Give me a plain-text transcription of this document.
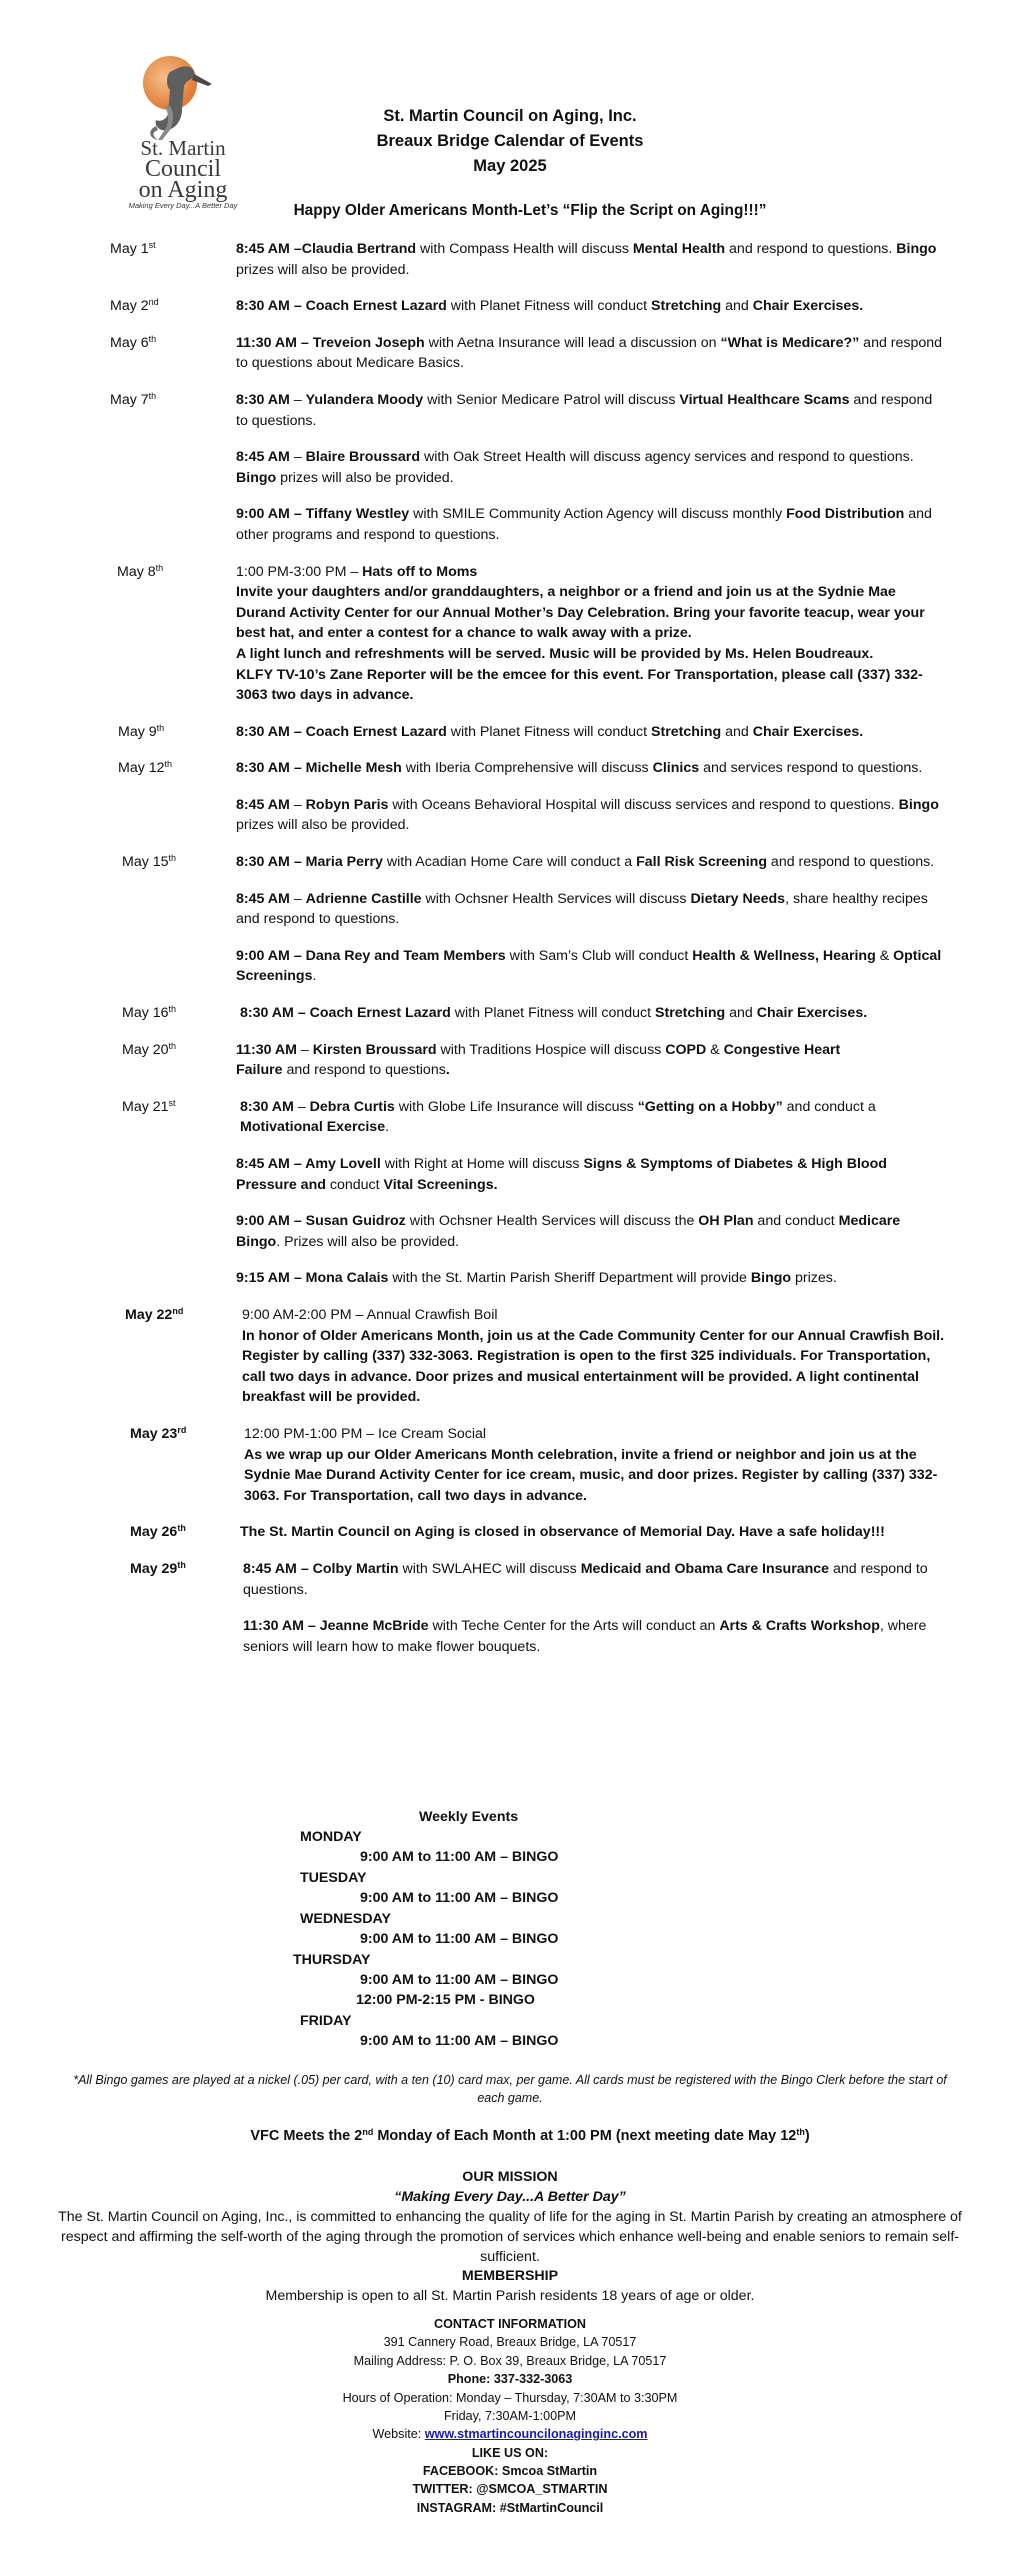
St. Martin
Council
on Aging
Making Every Day...A Better Day
St. Martin Council on Aging, Inc.
Breaux Bridge Calendar of Events
May 2025
Happy Older Americans Month-Let’s “Flip the Script on Aging!!!”
May 1st	8:45 AM –Claudia Bertrand with Compass Health will discuss Mental Health and respond to questions. Bingo prizes will also be provided.

May 2nd	8:30 AM – Coach Ernest Lazard with Planet Fitness will conduct Stretching and Chair Exercises.

May 6th	11:30 AM – Treveion Joseph with Aetna Insurance will lead a discussion on “What is Medicare?” and respond to questions about Medicare Basics.

May 7th	8:30 AM – Yulandera Moody with Senior Medicare Patrol will discuss Virtual Healthcare Scams and respond to questions.

8:45 AM – Blaire Broussard with Oak Street Health will discuss agency services and respond to questions. Bingo prizes will also be provided.

9:00 AM – Tiffany Westley with SMILE Community Action Agency will discuss monthly Food Distribution and other programs and respond to questions.

May 8th	1:00 PM-3:00 PM – Hats off to Moms
Invite your daughters and/or granddaughters, a neighbor or a friend and join us at the Sydnie Mae Durand Activity Center for our Annual Mother’s Day Celebration. Bring your favorite teacup, wear your best hat, and enter a contest for a chance to walk away with a prize.
A light lunch and refreshments will be served. Music will be provided by Ms. Helen Boudreaux.
KLFY TV-10’s Zane Reporter will be the emcee for this event. For Transportation, please call (337) 332-3063 two days in advance.
May 9th	8:30 AM – Coach Ernest Lazard with Planet Fitness will conduct Stretching and Chair Exercises.

May 12th	8:30 AM – Michelle Mesh with Iberia Comprehensive will discuss Clinics and services respond to questions.

8:45 AM – Robyn Paris with Oceans Behavioral Hospital will discuss services and respond to questions. Bingo prizes will also be provided.

May 15th	8:30 AM – Maria Perry with Acadian Home Care will conduct a Fall Risk Screening and respond to questions.

8:45 AM – Adrienne Castille with Ochsner Health Services will discuss Dietary Needs, share healthy recipes and respond to questions.

9:00 AM – Dana Rey and Team Members with Sam’s Club will conduct Health & Wellness, Hearing & Optical Screenings.

May 16th	8:30 AM – Coach Ernest Lazard with Planet Fitness will conduct Stretching and Chair Exercises.

May 20th	11:30 AM – Kirsten Broussard with Traditions Hospice will discuss COPD & Congestive Heart Failure and respond to questions.

May 21st	8:30 AM – Debra Curtis with Globe Life Insurance will discuss “Getting on a Hobby” and conduct a Motivational Exercise.

8:45 AM – Amy Lovell with Right at Home will discuss Signs & Symptoms of Diabetes & High Blood Pressure and conduct Vital Screenings.

9:00 AM – Susan Guidroz with Ochsner Health Services will discuss the OH Plan and conduct Medicare Bingo. Prizes will also be provided.

9:15 AM – Mona Calais with the St. Martin Parish Sheriff Department will provide Bingo prizes.

May 22nd	9:00 AM-2:00 PM – Annual Crawfish Boil
In honor of Older Americans Month, join us at the Cade Community Center for our Annual Crawfish Boil. Register by calling (337) 332-3063. Registration is open to the first 325 individuals. For Transportation, call two days in advance. Door prizes and musical entertainment will be provided. A light continental breakfast will be provided.
May 23rd	12:00 PM-1:00 PM – Ice Cream Social
As we wrap up our Older Americans Month celebration, invite a friend or neighbor and join us at the Sydnie Mae Durand Activity Center for ice cream, music, and door prizes. Register by calling (337) 332-3063. For Transportation, call two days in advance.
May 26th	The St. Martin Council on Aging is closed in observance of Memorial Day. Have a safe holiday!!!
May 29th	8:45 AM – Colby Martin with SWLAHEC will discuss Medicaid and Obama Care Insurance and respond to questions.

11:30 AM – Jeanne McBride with Teche Center for the Arts will conduct an Arts & Crafts Workshop, where seniors will learn how to make flower bouquets.

Weekly Events
MONDAY
9:00 AM to 11:00 AM – BINGO
TUESDAY
9:00 AM to 11:00 AM – BINGO
WEDNESDAY
9:00 AM to 11:00 AM – BINGO
THURSDAY
9:00 AM to 11:00 AM – BINGO
12:00 PM-2:15 PM - BINGO
FRIDAY
9:00 AM to 11:00 AM – BINGO
*All Bingo games are played at a nickel (.05) per card, with a ten (10) card max, per game. All cards must be registered with the Bingo Clerk before the start of each game.
VFC Meets the 2nd Monday of Each Month at 1:00 PM (next meeting date May 12th)
OUR MISSION
“Making Every Day...A Better Day”
The St. Martin Council on Aging, Inc., is committed to enhancing the quality of life for the aging in St. Martin Parish by creating an atmosphere of respect and affirming the self-worth of the aging through the promotion of services which enhance well-being and enable seniors to remain self-sufficient.
MEMBERSHIP
Membership is open to all St. Martin Parish residents 18 years of age or older.
CONTACT INFORMATION
391 Cannery Road, Breaux Bridge, LA 70517
Mailing Address: P. O. Box 39, Breaux Bridge, LA 70517
Phone: 337-332-3063
Hours of Operation: Monday – Thursday, 7:30AM to 3:30PM
Friday, 7:30AM-1:00PM
Website: www.stmartincouncilonaginginc.com
LIKE US ON:
FACEBOOK: Smcoa StMartin
TWITTER: @SMCOA_STMARTIN
INSTAGRAM: #StMartinCouncil
